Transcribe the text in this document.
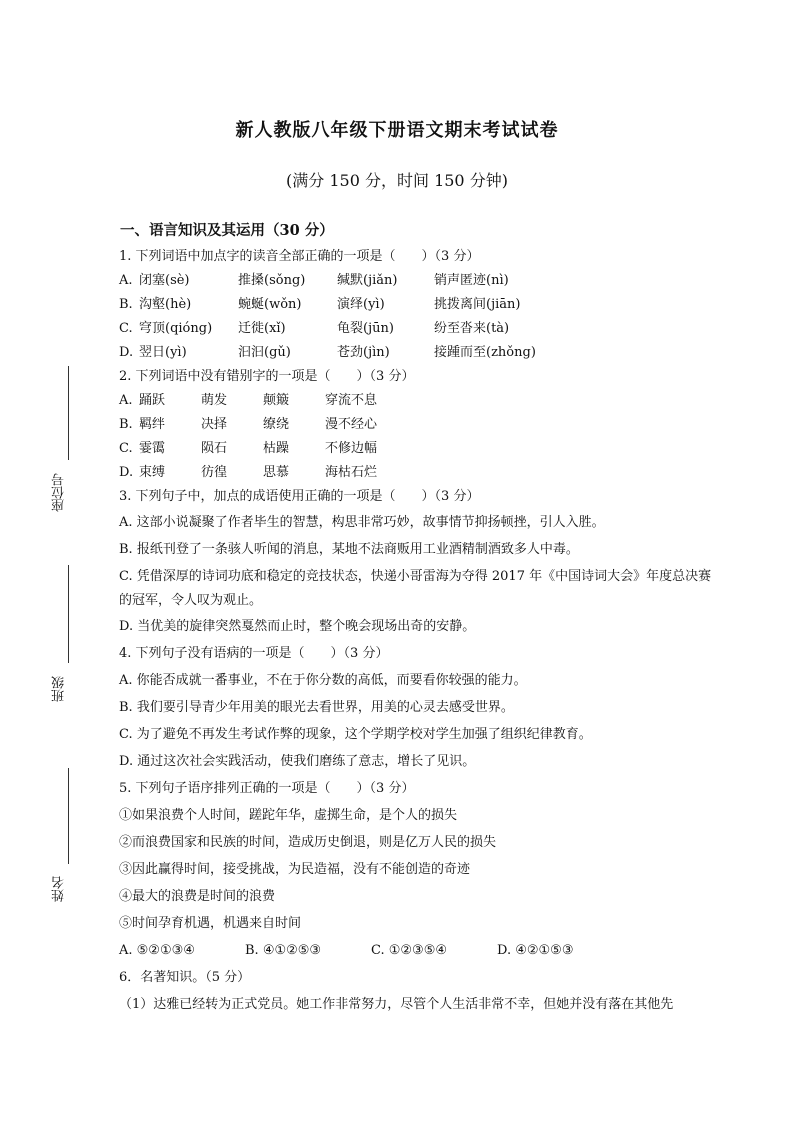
新人教版八年级下册语文期末考试试卷
(满分 150 分，时间 150 分钟)
一、语言知识及其运用（30 分）
座位号
班级
姓名
1. 下列词语中加点字的读音全部正确的一项是（　　）（3 分）
A. 闭塞(sè)	推搡(sǒng)	缄默(jiǎn)	销声匿迹(nì)
B. 沟壑(hè)	蜿蜒(wǒn)	演绎(yì)	挑拨离间(jiān)
C. 穹顶(qióng)	迁徙(xǐ)	龟裂(jūn)	纷至沓来(tà)
D. 翌日(yì)	汩汩(gǔ)	苍劲(jìn)	接踵而至(zhǒng)
2. 下列词语中没有错别字的一项是（　　）（3 分）
A. 踊跃	萌发	颠簸	穿流不息
B. 羁绊	决择	缭绕	漫不经心
C. 霎霭	陨石	枯躁	不修边幅
D. 束缚	彷徨	思慕	海枯石烂
3. 下列句子中，加点的成语使用正确的一项是（　　）（3 分）
A. 这部小说凝聚了作者毕生的智慧，构思非常巧妙，故事情节抑扬顿挫，引人入胜。
B. 报纸刊登了一条骇人听闻的消息，某地不法商贩用工业酒精制酒致多人中毒。
C. 凭借深厚的诗词功底和稳定的竞技状态，快递小哥雷海为夺得 2017 年《中国诗词大会》年度总决赛的冠军，令人叹为观止。
D. 当优美的旋律突然戛然而止时，整个晚会现场出奇的安静。
4. 下列句子没有语病的一项是（　　）（3 分）
A. 你能否成就一番事业，不在于你分数的高低，而要看你较强的能力。
B. 我们要引导青少年用美的眼光去看世界，用美的心灵去感受世界。
C. 为了避免不再发生考试作弊的现象，这个学期学校对学生加强了组织纪律教育。
D. 通过这次社会实践活动，使我们磨练了意志，增长了见识。
5. 下列句子语序排列正确的一项是（　　）（3 分）
①如果浪费个人时间，蹉跎年华，虚掷生命，是个人的损失
②而浪费国家和民族的时间，造成历史倒退，则是亿万人民的损失
③因此赢得时间，接受挑战，为民造福，没有不能创造的奇迹
④最大的浪费是时间的浪费
⑤时间孕育机遇，机遇来自时间
A. ⑤②①③④	B. ④①②⑤③	C. ①②③⑤④	D. ④②①⑤③
6．名著知识。（5 分）
（1）达雅已经转为正式党员。她工作非常努力，尽管个人生活非常不幸，但她并没有落在其他先
